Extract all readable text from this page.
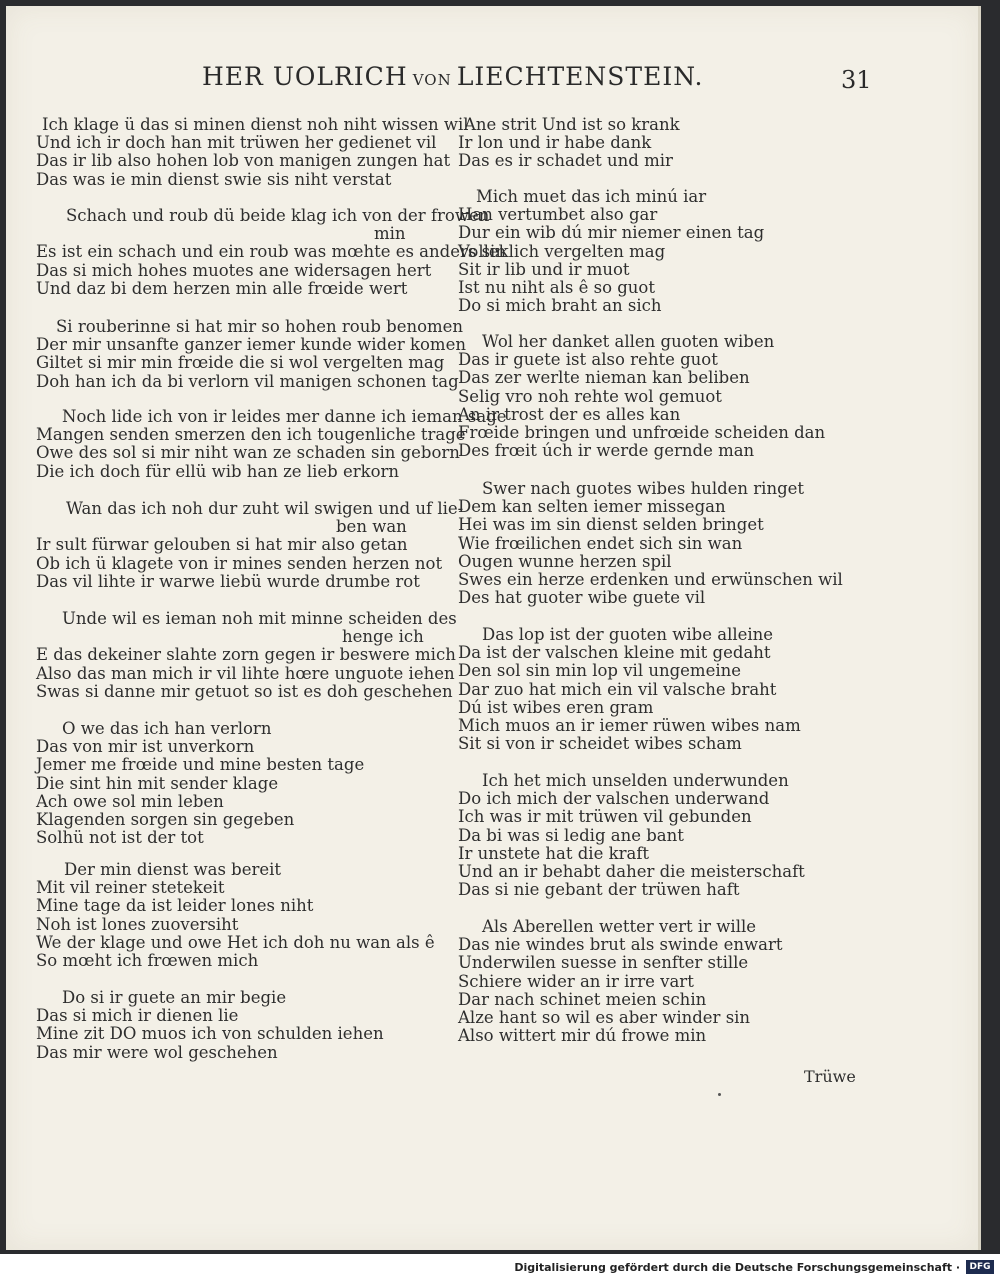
HER UOLRICH VON LIECHTENSTEIN.	31
Trüwe
Ich klage ü das si minen dienst noh niht wissen wil
Und ich ir doch han mit trüwen her gedienet vil
Das ir lib also hohen lob von manigen zungen hat
Das was ie min dienst swie sis niht verstat
Schach und roub dü beide klag ich von der frowen
min
Es ist ein schach und ein roub was mœhte es anders sin
Das si mich hohes muotes ane widersagen hert
Und daz bi dem herzen min alle frœide wert
Si rouberinne si hat mir so hohen roub benomen
Der mir unsanfte ganzer iemer kunde wider komen
Giltet si mir min frœide die si wol vergelten mag
Doh han ich da bi verlorn vil manigen schonen tag
Noch lide ich von ir leides mer danne ich ieman sage
Mangen senden smerzen den ich tougenliche trage
Owe des sol si mir niht wan ze schaden sin geborn
Die ich doch für ellü wib han ze lieb erkorn
Wan das ich noh dur zuht wil swigen und uf lie-
ben wan
Ir sult fürwar gelouben si hat mir also getan
Ob ich ü klagete von ir mines senden herzen not
Das vil lihte ir warwe liebü wurde drumbe rot
Unde wil es ieman noh mit minne scheiden des
henge ich
E das dekeiner slahte zorn gegen ir beswere mich
Also das man mich ir vil lihte hœre unguote iehen
Swas si danne mir getuot so ist es doh geschehen
O we das ich han verlorn
Das von mir ist unverkorn
Jemer me frœide und mine besten tage
Die sint hin mit sender klage
Ach owe sol min leben
Klagenden sorgen sin gegeben
Solhü not ist der tot
Der min dienst was bereit
Mit vil reiner stetekeit
Mine tage da ist leider lones niht
Noh ist lones zuoversiht
We der klage und owe Het ich doh nu wan als ê
So mœht ich frœwen mich
Do si ir guete an mir begie
Das si mich ir dienen lie
Mine zit DO muos ich von schulden iehen
Das mir were wol geschehen
Ane strit Und ist so krank
Ir lon und ir habe dank
Das es ir schadet und mir
Mich muet das ich minú iar
Han vertumbet also gar
Dur ein wib dú mir niemer einen tag
Volleklich vergelten mag
Sit ir lib und ir muot
Ist nu niht als ê so guot
Do si mich braht an sich
Wol her danket allen guoten wiben
Das ir guete ist also rehte guot
Das zer werlte nieman kan beliben
Selig vro noh rehte wol gemuot
An ir trost der es alles kan
Frœide bringen und unfrœide scheiden dan
Des frœit úch ir werde gernde man
Swer nach guotes wibes hulden ringet
Dem kan selten iemer missegan
Hei was im sin dienst selden bringet
Wie frœilichen endet sich sin wan
Ougen wunne herzen spil
Swes ein herze erdenken und erwünschen wil
Des hat guoter wibe guete vil
Das lop ist der guoten wibe alleine
Da ist der valschen kleine mit gedaht
Den sol sin min lop vil ungemeine
Dar zuo hat mich ein vil valsche braht
Dú ist wibes eren gram
Mich muos an ir iemer rüwen wibes nam
Sit si von ir scheidet wibes scham
Ich het mich unselden underwunden
Do ich mich der valschen underwand
Ich was ir mit trüwen vil gebunden
Da bi was si ledig ane bant
Ir unstete hat die kraft
Und an ir behabt daher die meisterschaft
Das si nie gebant der trüwen haft
Als Aberellen wetter vert ir wille
Das nie windes brut als swinde enwart
Underwilen suesse in senfter stille
Schiere wider an ir irre vart
Dar nach schinet meien schin
Alze hant so wil es aber winder sin
Also wittert mir dú frowe min
Digitalisierung gefördert durch die Deutsche Forschungsgemeinschaft ·	DFG
